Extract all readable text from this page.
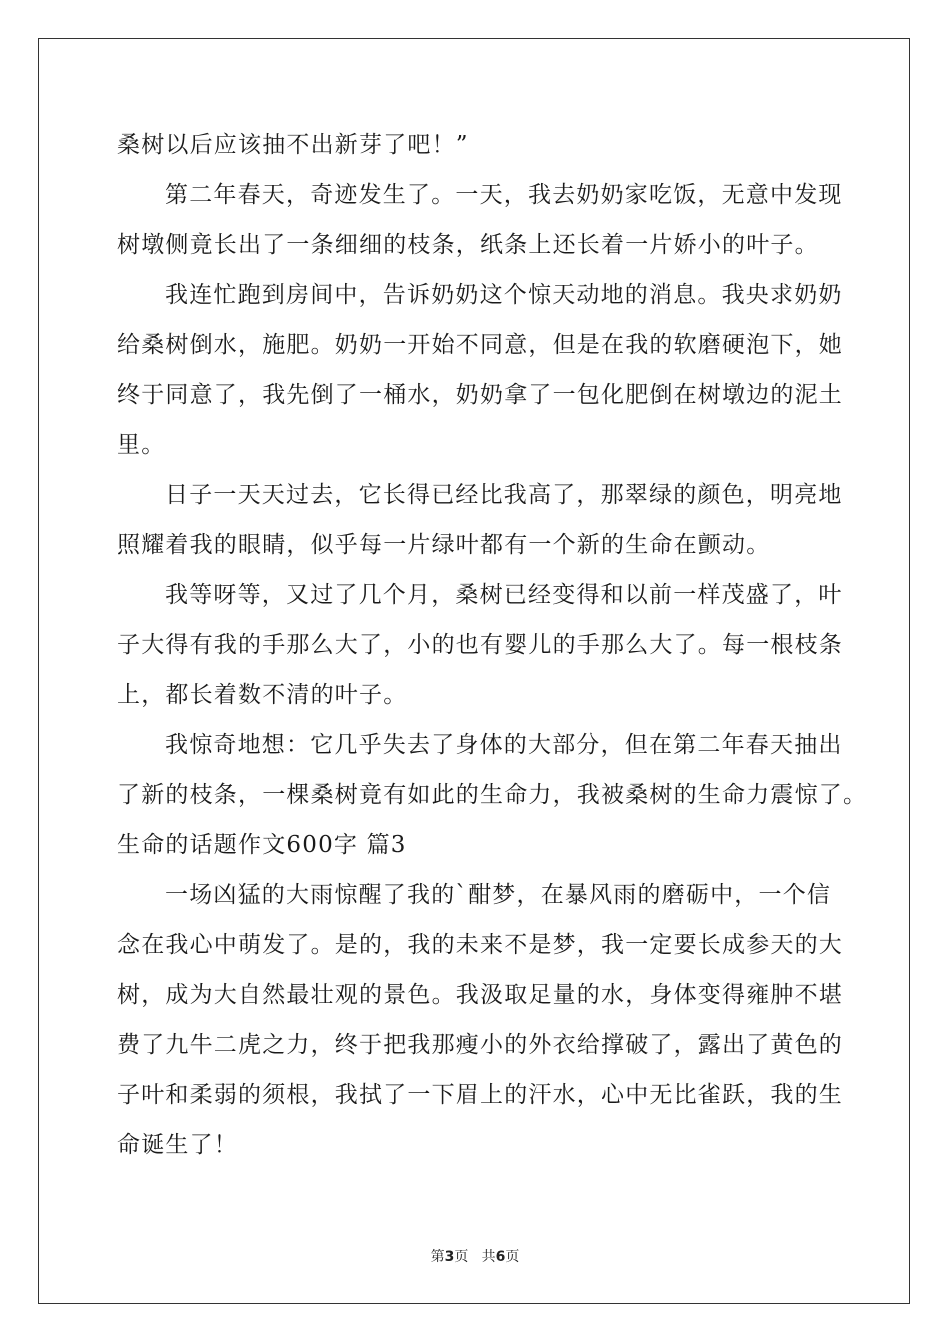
桑树以后应该抽不出新芽了吧！”
第二年春天，奇迹发生了。一天，我去奶奶家吃饭，无意中发现
树墩侧竟长出了一条细细的枝条，纸条上还长着一片娇小的叶子。
我连忙跑到房间中，告诉奶奶这个惊天动地的消息。我央求奶奶
给桑树倒水，施肥。奶奶一开始不同意，但是在我的软磨硬泡下，她
终于同意了，我先倒了一桶水，奶奶拿了一包化肥倒在树墩边的泥土
里。
日子一天天过去，它长得已经比我高了，那翠绿的颜色，明亮地
照耀着我的眼睛，似乎每一片绿叶都有一个新的生命在颤动。
我等呀等，又过了几个月，桑树已经变得和以前一样茂盛了，叶
子大得有我的手那么大了，小的也有婴儿的手那么大了。每一根枝条
上，都长着数不清的叶子。
我惊奇地想：它几乎失去了身体的大部分，但在第二年春天抽出
了新的枝条，一棵桑树竟有如此的生命力，我被桑树的生命力震惊了。
生命的话题作文600字 篇3
一场凶猛的大雨惊醒了我的`酣梦，在暴风雨的磨砺中，一个信
念在我心中萌发了。是的，我的未来不是梦，我一定要长成参天的大
树，成为大自然最壮观的景色。我汲取足量的水，身体变得雍肿不堪
费了九牛二虎之力，终于把我那瘦小的外衣给撑破了，露出了黄色的
子叶和柔弱的须根，我拭了一下眉上的汗水，心中无比雀跃，我的生
命诞生了！
第3页 共6页
